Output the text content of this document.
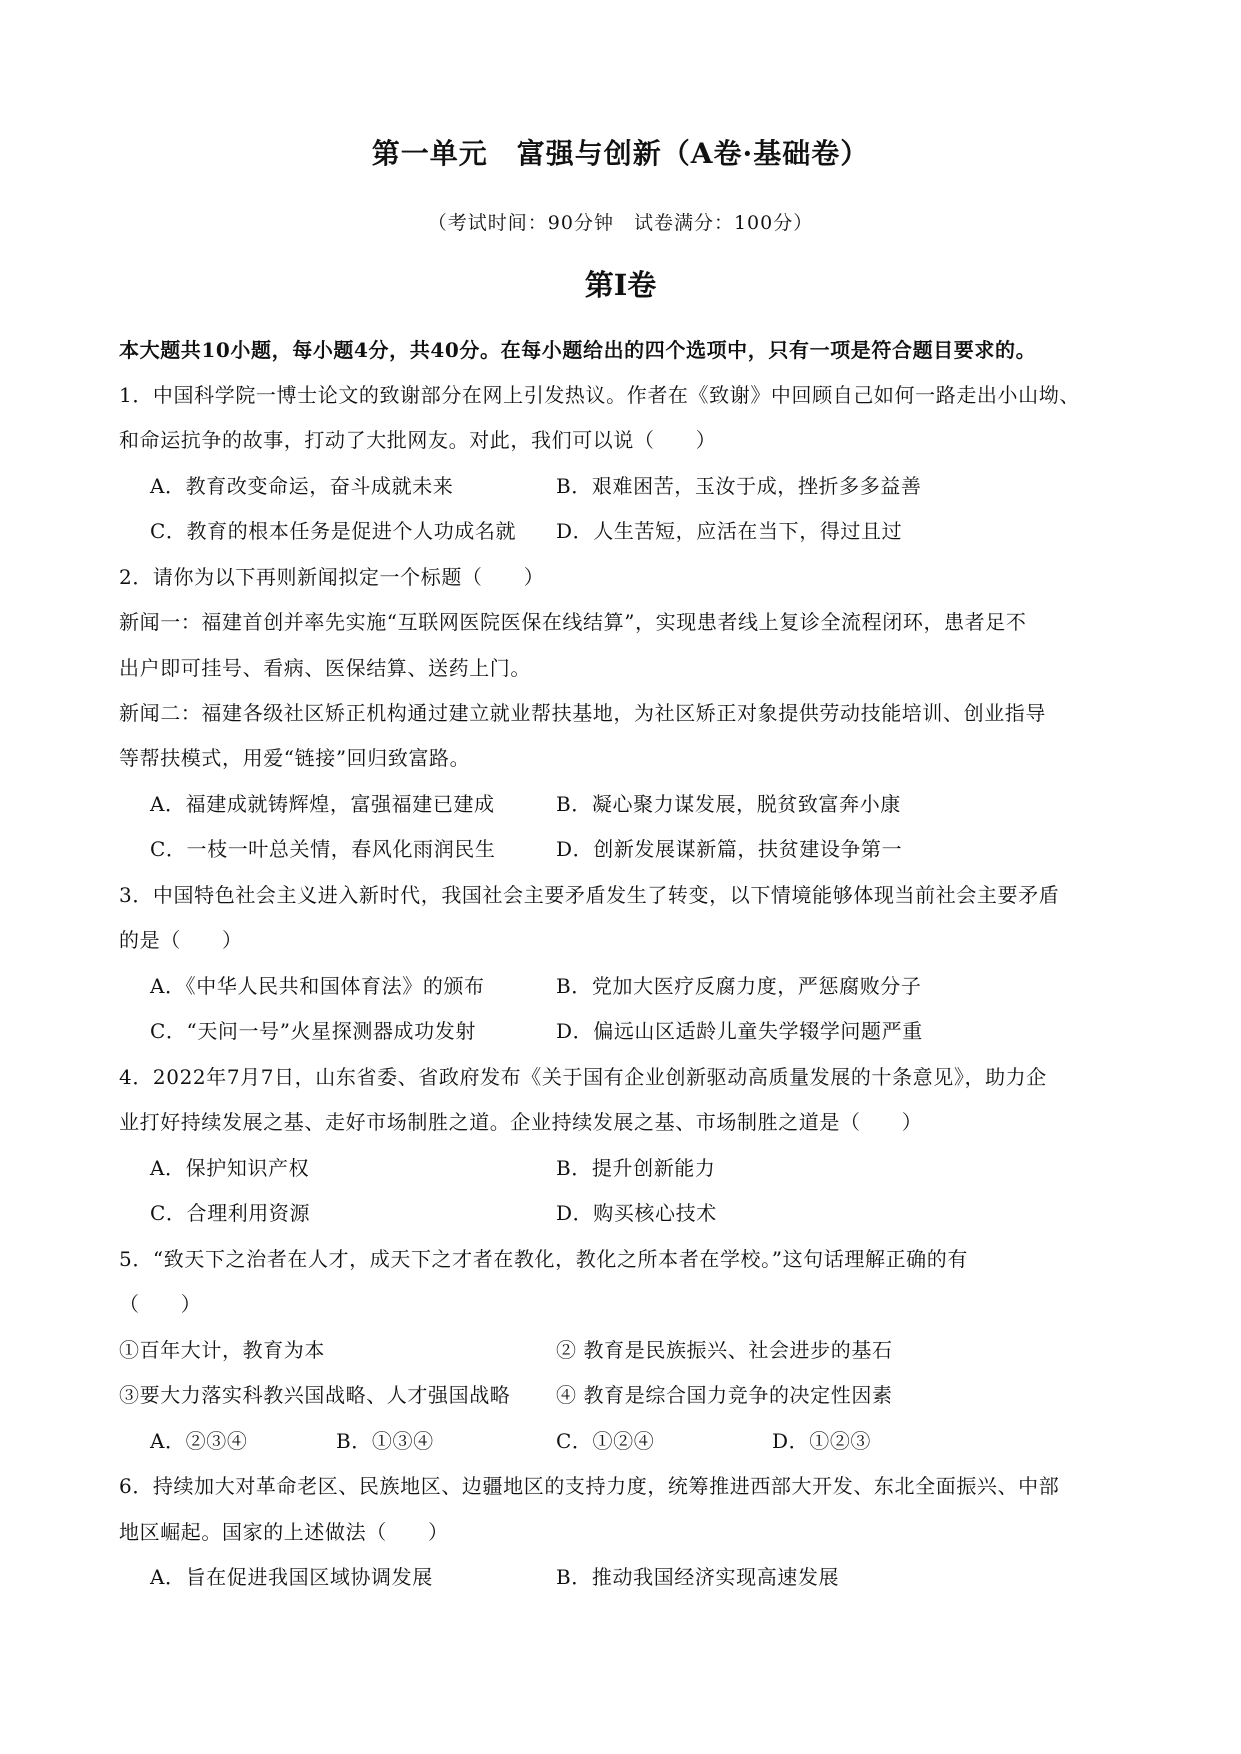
第一单元　富强与创新（A卷·基础卷）
（考试时间：90分钟　试卷满分：100分）
第Ⅰ卷
本大题共10小题，每小题4分，共40分。在每小题给出的四个选项中，只有一项是符合题目要求的。
1．中国科学院一博士论文的致谢部分在网上引发热议。作者在《致谢》中回顾自己如何一路走出小山坳、
和命运抗争的故事，打动了大批网友。对此，我们可以说（　　）
A．教育改变命运，奋斗成就未来	B．艰难困苦，玉汝于成，挫折多多益善
C．教育的根本任务是促进个人功成名就 D．人生苦短，应活在当下，得过且过
2．请你为以下再则新闻拟定一个标题（　　）
新闻一：福建首创并率先实施“互联网医院医保在线结算”，实现患者线上复诊全流程闭环，患者足不
出户即可挂号、看病、医保结算、送药上门。
新闻二：福建各级社区矫正机构通过建立就业帮扶基地，为社区矫正对象提供劳动技能培训、创业指导
等帮扶模式，用爱“链接”回归致富路。
A．福建成就铸辉煌，富强福建已建成	B．凝心聚力谋发展，脱贫致富奔小康
C．一枝一叶总关情，春风化雨润民生	D．创新发展谋新篇，扶贫建设争第一
3．中国特色社会主义进入新时代，我国社会主要矛盾发生了转变，以下情境能够体现当前社会主要矛盾
的是（　　）
A．《中华人民共和国体育法》的颁布	B．党加大医疗反腐力度，严惩腐败分子
C．“天问一号”火星探测器成功发射	D．偏远山区适龄儿童失学辍学问题严重
4．2022年7月7日，山东省委、省政府发布《关于国有企业创新驱动高质量发展的十条意见》，助力企
业打好持续发展之基、走好市场制胜之道。企业持续发展之基、市场制胜之道是（　　）
A．保护知识产权	B．提升创新能力
C．合理利用资源	D．购买核心技术
5．“致天下之治者在人才，成天下之才者在教化，教化之所本者在学校。”这句话理解正确的有
（　　）
①百年大计，教育为本	② 教育是民族振兴、社会进步的基石
③要大力落实科教兴国战略、人才强国战略 ④ 教育是综合国力竞争的决定性因素
A．②③④	B．①③④	C．①②④	D．①②③
6．持续加大对革命老区、民族地区、边疆地区的支持力度，统筹推进西部大开发、东北全面振兴、中部
地区崛起。国家的上述做法（　　）
A．旨在促进我国区域协调发展	B．推动我国经济实现高速发展
